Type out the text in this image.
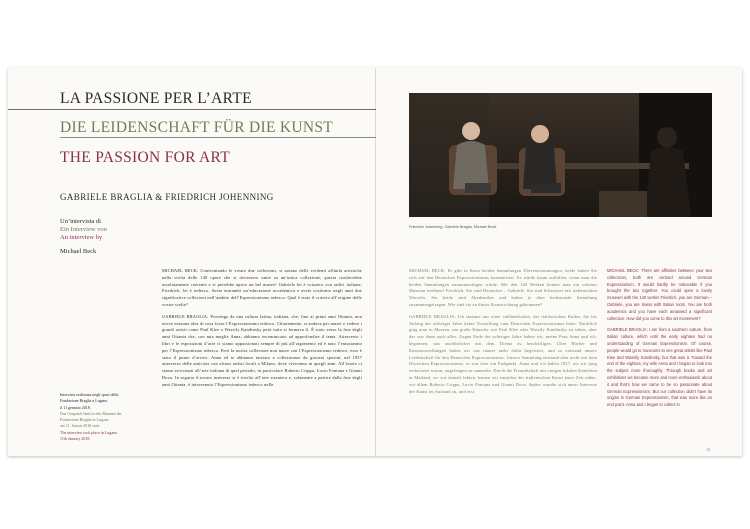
LA PASSIONE PER L’ARTE
DIE LEIDENSCHAFT FÜR DIE KUNST
THE PASSION FOR ART
GABRIELE BRAGLIA & FRIEDRICH JOHENNING
Un’intervista di
Ein Interview von
An interview by
Michael Beck
Intervista realizzata negli spazi della
Fondazione Braglia a Lugano
il 11 gennaio 2018.
Das Gespräch fand in den Räumen der
Fondazione Braglia in Lugano
am 11. Januar 2018 statt.
The interview took place in Lugano
11th January 2018.

MICHAEL BECK: Confrontando le vostre due collezioni, si notano delle evidenti affinità artistiche nella scelta delle 140 opere che si dovessero unire in un’unica collezione, questa risulterebbe assolutamente coerente e si potrebbe aprire un bel museo! Gabriele lei è svizzero con radici italiane, Friedrich, lei è tedesco. Avete entrambi un’educazione accademica e avete costituito negli anni due significative collezioni nell’ambito dell’Espressionismo tedesco. Qual è stato il criterio all’origine delle vostre scelte?

GABRIELE BRAGLIA: Provengo da una cultura latina, italiana, che, fino ai primi anni Ottanta, non aveva nessuna idea di cosa fosse l’Espressionismo tedesco. Chiaramente, si andava per musei e vedere i grandi artisti come Paul Klee o Wassily Kandinsky però tutto si fermava lì. È stato verso la fine degli anni Ottanta che, con mia moglie Anna, abbiamo incominciato ad approfondire il tema. Attraverso i libri e le esposizioni d’arte ci siamo appassionati sempre di più all’argomento ed è nato l’entusiasmo per l’Espressionismo tedesco. Però la nostra collezione non nasce con l’Espressionismo tedesco, esso è stato il punto d’arrivo. Anna ed io abbiamo iniziato a collezionare da giovani sposini, nel 1957 attraverso delle amicizie con alcuni artisti locali a Milano, dove vivevamo in quegli anni. All’inizio ci siamo avvicinati all’arte italiana di quel periodo, in particolare Roberto Crippa, Lucio Fontana e Gianni Dova. In seguito il nostro interesse si è rivolto all’arte straniera e, solamente a partire dalla fine degli anni Ottanta, è intervenuto l’Espressionismo tedesco nelle

Friedrich Johenning, Gabriele Braglia, Michael Beck

MICHAEL BECK: Es gibt in Ihren beiden Sammlungen Übereinstimmungen, beide haben Sie sich auf den Deutschen Expressionismus konzentriert. Es würde kaum auffallen, wenn man die beiden Sammlungen zusammenfügen würde. Mit den 140 Werken könnte man ein schönes Museum eröffnen! Friedrich, Sie sind Deutscher – Gabriele, Sie sind Schweizer mit italienischen Wurzeln. Sie beide sind Akademiker und haben je über bedeutende Sammlung zusammengetragen. Wie sind sie zu dieser Kunstrichtung gekommen?

GABRIELE BRAGLIA: Ich stamme aus einer südländischen, der italienischen Kultur, die bis Anfang der achtziger Jahre keine Vorstellung vom Deutschen Expressionismus hatte. Natürlich ging man in Museen, um große Künstler wie Paul Klee oder Wassily Kandinsky zu sehen, aber das war dann auch alles. Gegen Ende der achtziger Jahre haben wir, meine Frau Anna und ich, begonnen, uns ausführlicher mit dem Thema zu beschäftigen. Über Bücher und Kunstausstellungen haben wir uns immer mehr dafür begeistert, und so entstand unsere Leidenschaft für den Deutschen Expressionismus. Unsere Sammlung entstand aber nicht mit dem Deutschen Expressionismus, er war eher ein Endpunkt. Anna und ich haben 1957, als wir jung verheiratet waren, angefangen zu sammeln. Durch die Freundschaft mit einigen lokalen Künstlern in Mailand, wo wir damals lebten, kamen wir zunächst der italienischen Kunst jener Zeit näher, vor allem Roberto Crippa, Lucio Fontana und Gianni Dova. Später wandte sich unser Interesse der Kunst im Ausland zu, und erst

MICHAEL BECK: There are affinities between your two collections, both are centred around German Expressionism. It would hardly be noticeable if you brought the two together. You could open a lovely museum with the 140 works! Friedrich, you are German – Gabriele, you are Swiss with Italian roots. You are both academics and you have each amassed a significant collection. How did you come to this art movement?

GABRIELE BRAGLIA: I am from a southern culture, from Italian culture, which until the early eighties had no understanding of German Expressionism. Of course, people would go to museums to see great artists like Paul Klee and Wassily Kandinsky, but that was it. Toward the end of the eighties, my wife Anna and I began to look into the subject more thoroughly. Through books and art exhibitions we became more and more enthusiastic about it and that’s how we came to be so passionate about German Expressionism. But our collection didn’t have its origins in German Expressionism, that was more like an end point. Anna and I began to collect in

13
